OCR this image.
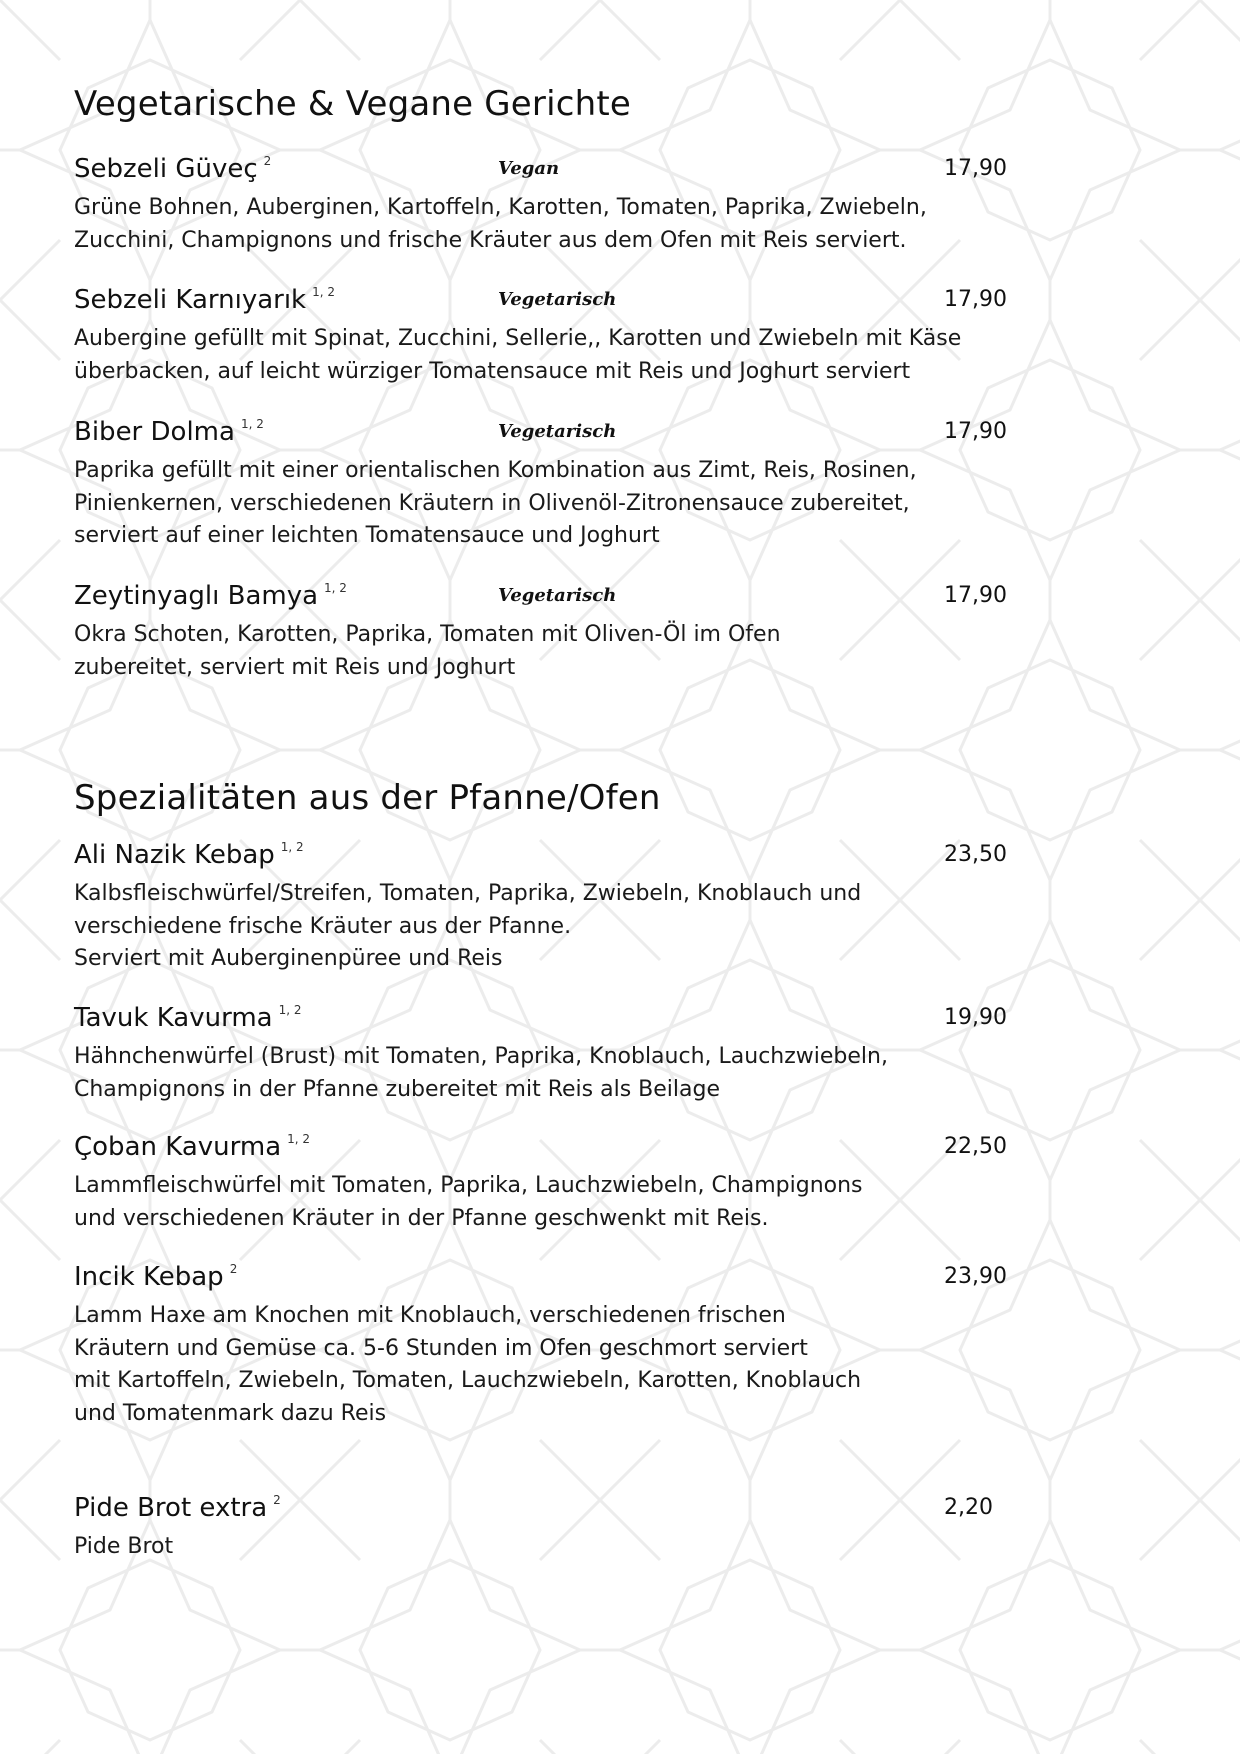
Vegetarische & Vegane Gerichte
Sebzeli Güveç $^2$	Vegan	17,90
Grüne Bohnen, Auberginen, Kartoffeln, Karotten, Tomaten, Paprika, Zwiebeln,
Zucchini, Champignons und frische Kräuter aus dem Ofen mit Reis serviert.
Sebzeli Karnıyarık $^{1, 2}$	Vegetarisch	17,90
Aubergine gefüllt mit Spinat, Zucchini, Sellerie,, Karotten und Zwiebeln mit Käse
überbacken, auf leicht würziger Tomatensauce mit Reis und Joghurt serviert
Biber Dolma $^{1, 2}$	Vegetarisch	17,90
Paprika gefüllt mit einer orientalischen Kombination aus Zimt, Reis, Rosinen,
Pinienkernen, verschiedenen Kräutern in Olivenöl-Zitronensauce zubereitet,
serviert auf einer leichten Tomatensauce und Joghurt
Zeytinyaglı Bamya $^{1, 2}$	Vegetarisch	17,90
Okra Schoten, Karotten, Paprika, Tomaten mit Oliven-Öl im Ofen
zubereitet, serviert mit Reis und Joghurt
Spezialitäten aus der Pfanne/Ofen
Ali Nazik Kebap $^{1, 2}$	23,50
Kalbsfleischwürfel/Streifen, Tomaten, Paprika, Zwiebeln, Knoblauch und
verschiedene frische Kräuter aus der Pfanne.
Serviert mit Auberginenpüree und Reis
Tavuk Kavurma $^{1, 2}$	19,90
Hähnchenwürfel (Brust) mit Tomaten, Paprika, Knoblauch, Lauchzwiebeln,
Champignons in der Pfanne zubereitet mit Reis als Beilage
Çoban Kavurma $^{1, 2}$	22,50
Lammfleischwürfel mit Tomaten, Paprika, Lauchzwiebeln, Champignons
und verschiedenen Kräuter in der Pfanne geschwenkt mit Reis.
Incik Kebap $^2$	23,90
Lamm Haxe am Knochen mit Knoblauch, verschiedenen frischen
Kräutern und Gemüse ca. 5-6 Stunden im Ofen geschmort serviert
mit Kartoffeln, Zwiebeln, Tomaten, Lauchzwiebeln, Karotten, Knoblauch
und Tomatenmark dazu Reis
Pide Brot extra $^2$	2,20
Pide Brot
